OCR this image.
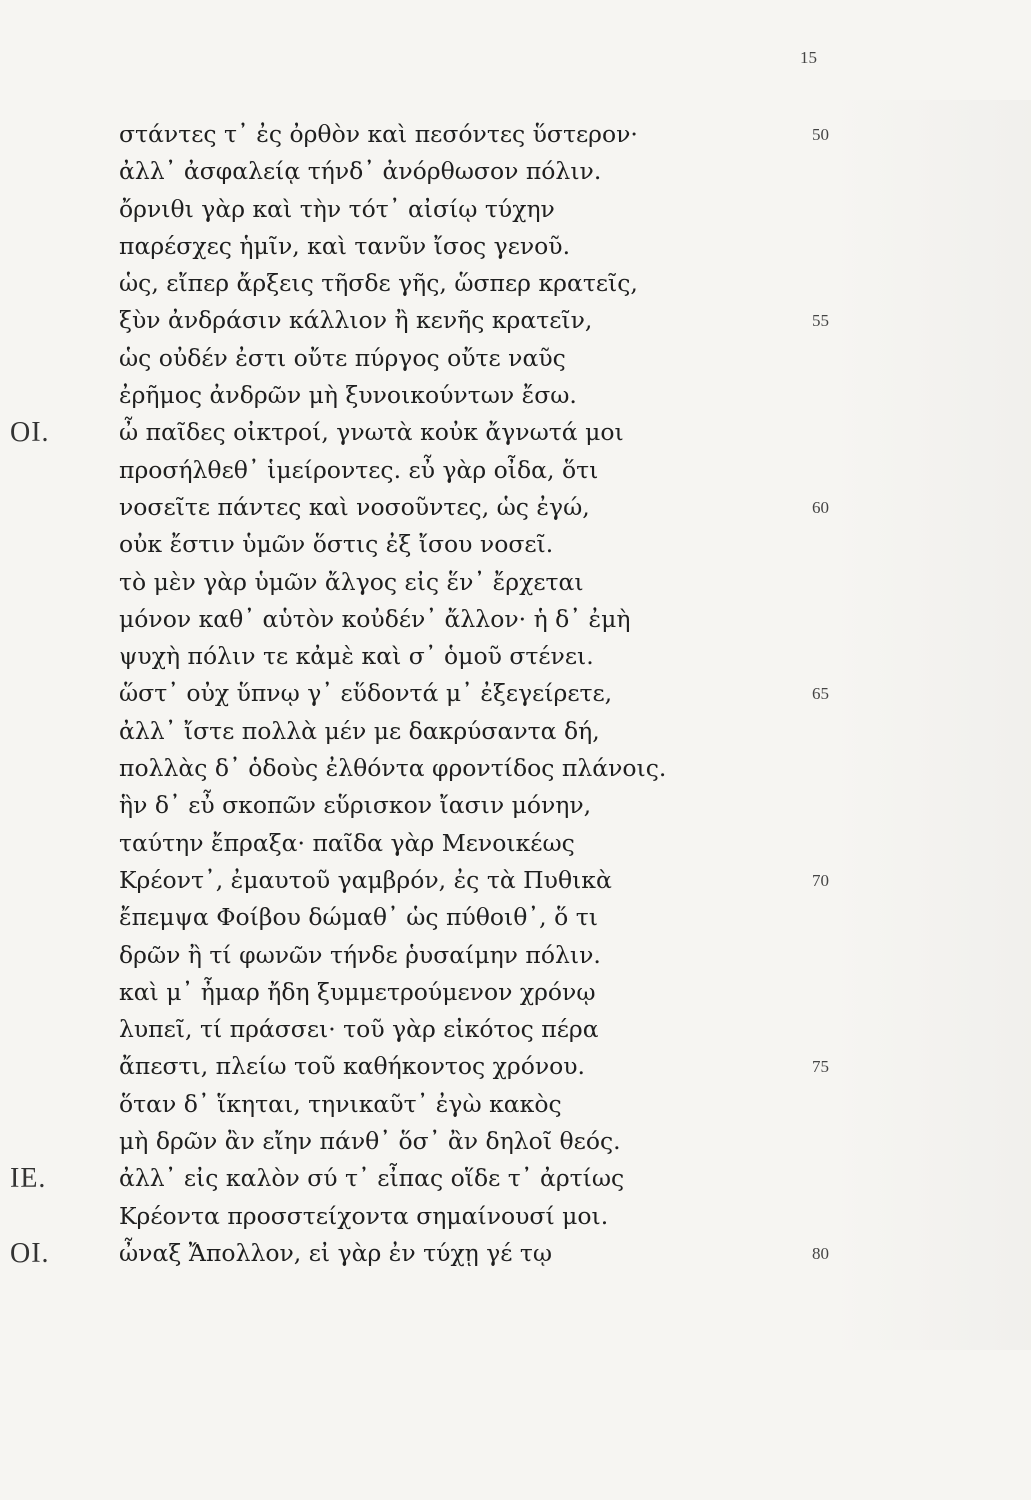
15
στάντες τ᾽ ἐς ὀρθὸν καὶ πεσόντες ὕστερον·	50
ἀλλ᾽ ἀσφαλείᾳ τήνδ᾽ ἀνόρθωσον πόλιν.
ὄρνιθι γὰρ καὶ τὴν τότ᾽ αἰσίῳ τύχην
παρέσχες ἡμῖν, καὶ τανῦν ἴσος γενοῦ.
ὡς, εἴπερ ἄρξεις τῆσδε γῆς, ὥσπερ κρατεῖς,
ξὺν ἀνδράσιν κάλλιον ἢ κενῆς κρατεῖν,	55
ὡς οὐδέν ἐστι οὔτε πύργος οὔτε ναῦς
ἐρῆμος ἀνδρῶν μὴ ξυνοικούντων ἔσω.
ΟΙ.	ὦ παῖδες οἰκτροί, γνωτὰ κοὐκ ἄγνωτά μοι
προσήλθεθ᾽ ἱμείροντες. εὖ γὰρ οἶδα, ὅτι
νοσεῖτε πάντες καὶ νοσοῦντες, ὡς ἐγώ,	60
οὐκ ἔστιν ὑμῶν ὅστις ἐξ ἴσου νοσεῖ.
τὸ μὲν γὰρ ὑμῶν ἄλγος εἰς ἕν᾽ ἔρχεται
μόνον καθ᾽ αὑτὸν κοὐδέν᾽ ἄλλον· ἡ δ᾽ ἐμὴ
ψυχὴ πόλιν τε κἀμὲ καὶ σ᾽ ὁμοῦ στένει.
ὥστ᾽ οὐχ ὕπνῳ γ᾽ εὕδοντά μ᾽ ἐξεγείρετε,	65
ἀλλ᾽ ἴστε πολλὰ μέν με δακρύσαντα δή,
πολλὰς δ᾽ ὁδοὺς ἐλθόντα φροντίδος πλάνοις.
ἣν δ᾽ εὖ σκοπῶν εὕρισκον ἴασιν μόνην,
ταύτην ἔπραξα· παῖδα γὰρ Μενοικέως
Κρέοντ᾽, ἐμαυτοῦ γαμβρόν, ἐς τὰ Πυθικὰ	70
ἔπεμψα Φοίβου δώμαθ᾽ ὡς πύθοιθ᾽, ὅ τι
δρῶν ἢ τί φωνῶν τήνδε ῥυσαίμην πόλιν.
καὶ μ᾽ ἦμαρ ἤδη ξυμμετρούμενον χρόνῳ
λυπεῖ, τί πράσσει· τοῦ γὰρ εἰκότος πέρα
ἄπεστι, πλείω τοῦ καθήκοντος χρόνου.	75
ὅταν δ᾽ ἵκηται, τηνικαῦτ᾽ ἐγὼ κακὸς
μὴ δρῶν ἂν εἴην πάνθ᾽ ὅσ᾽ ἂν δηλοῖ θεός.
ΙΕ.	ἀλλ᾽ εἰς καλὸν σύ τ᾽ εἶπας οἵδε τ᾽ ἀρτίως
Κρέοντα προσστείχοντα σημαίνουσί μοι.
ΟΙ.	ὦναξ Ἄπολλον, εἰ γὰρ ἐν τύχῃ γέ τῳ	80
